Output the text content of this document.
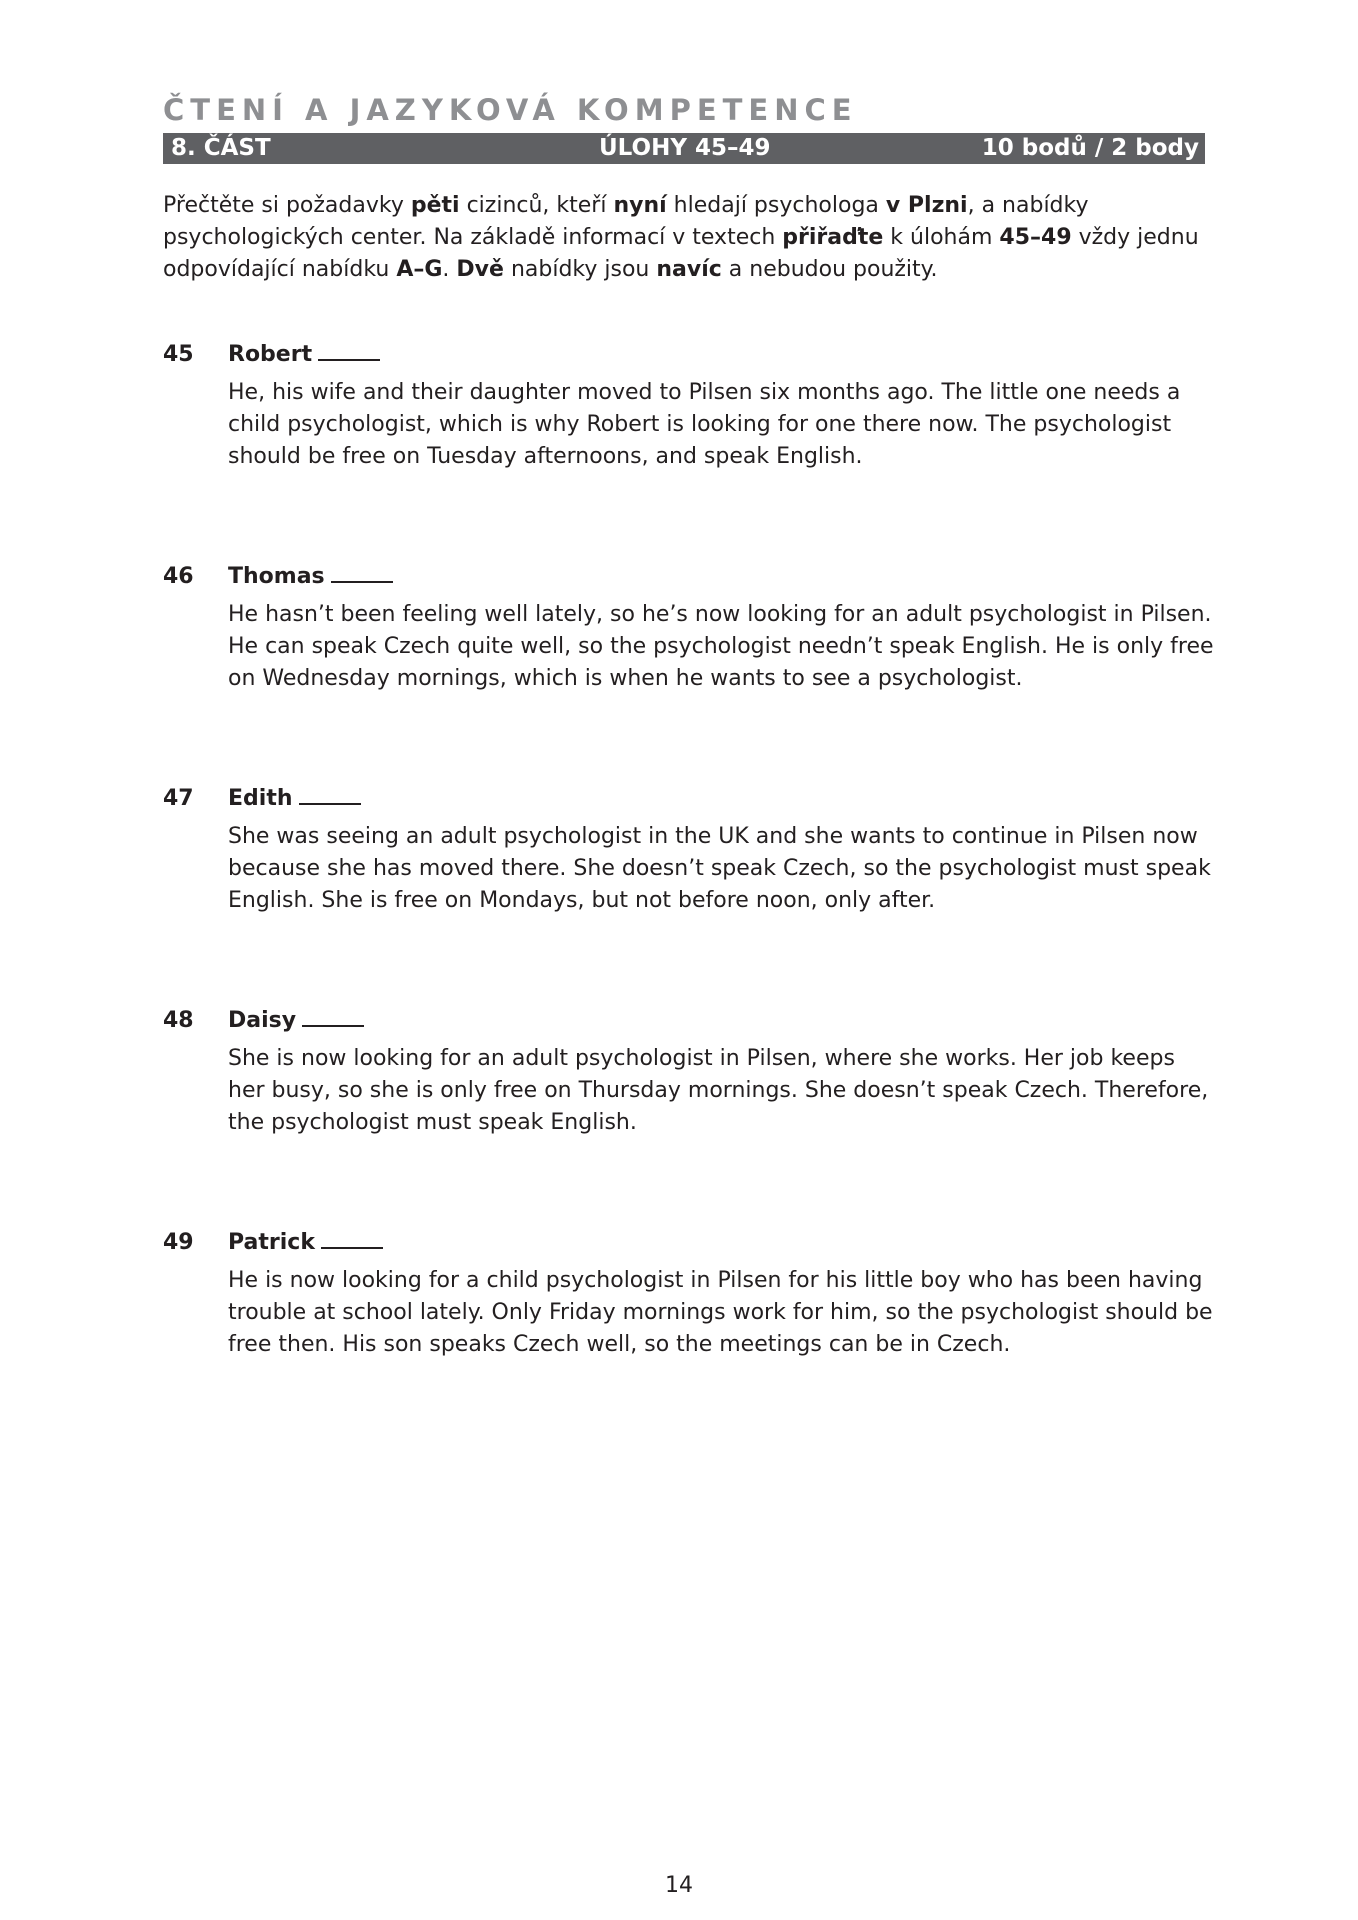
ČTENÍ A JAZYKOVÁ KOMPETENCE
8. ČÁST	ÚLOHY 45–49	10 bodů / 2 body
Přečtěte si požadavky pěti cizinců, kteří nyní hledají psychologa v Plzni, a nabídky psychologických center. Na základě informací v textech přiřaďte k úlohám 45–49 vždy jednu odpovídající nabídku A–G. Dvě nabídky jsou navíc a nebudou použity.
45 Robert
He, his wife and their daughter moved to Pilsen six months ago. The little one needs a child psychologist, which is why Robert is looking for one there now. The psychologist should be free on Tuesday afternoons, and speak English.
46 Thomas
He hasn’t been feeling well lately, so he’s now looking for an adult psychologist in Pilsen. He can speak Czech quite well, so the psychologist needn’t speak English. He is only free on Wednesday mornings, which is when he wants to see a psychologist.
47 Edith
She was seeing an adult psychologist in the UK and she wants to continue in Pilsen now because she has moved there. She doesn’t speak Czech, so the psychologist must speak English. She is free on Mondays, but not before noon, only after.
48 Daisy
She is now looking for an adult psychologist in Pilsen, where she works. Her job keeps her busy, so she is only free on Thursday mornings. She doesn’t speak Czech. Therefore, the psychologist must speak English.
49 Patrick
He is now looking for a child psychologist in Pilsen for his little boy who has been having trouble at school lately. Only Friday mornings work for him, so the psychologist should be free then. His son speaks Czech well, so the meetings can be in Czech.
14
